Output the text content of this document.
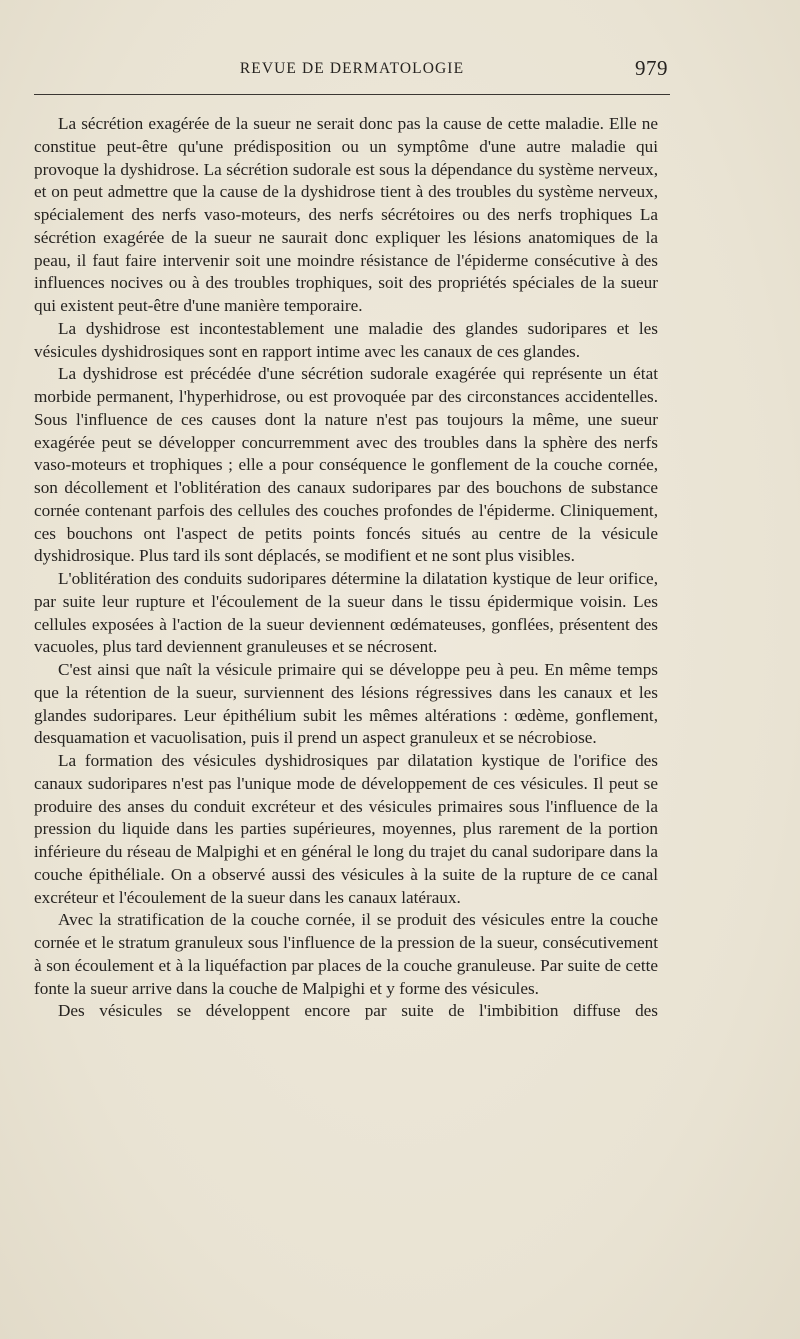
REVUE DE DERMATOLOGIE	979

La sécrétion exagérée de la sueur ne serait donc pas la cause de cette maladie. Elle ne constitue peut-être qu'une prédisposition ou un symptôme d'une autre maladie qui provoque la dyshidrose. La sécrétion sudorale est sous la dépendance du système nerveux, et on peut admettre que la cause de la dyshidrose tient à des troubles du système nerveux, spécialement des nerfs vaso-moteurs, des nerfs sécrétoires ou des nerfs trophiques La sécrétion exagérée de la sueur ne saurait donc expliquer les lésions anatomiques de la peau, il faut faire intervenir soit une moindre résistance de l'épiderme consécutive à des influences nocives ou à des troubles trophiques, soit des propriétés spéciales de la sueur qui existent peut-être d'une manière temporaire.

La dyshidrose est incontestablement une maladie des glandes sudoripares et les vésicules dyshidrosiques sont en rapport intime avec les canaux de ces glandes.

La dyshidrose est précédée d'une sécrétion sudorale exagérée qui représente un état morbide permanent, l'hyperhidrose, ou est provoquée par des circonstances accidentelles. Sous l'influence de ces causes dont la nature n'est pas toujours la même, une sueur exagérée peut se développer concurremment avec des troubles dans la sphère des nerfs vaso-moteurs et trophiques ; elle a pour conséquence le gonflement de la couche cornée, son décollement et l'oblitération des canaux sudoripares par des bouchons de substance cornée contenant parfois des cellules des couches profondes de l'épiderme. Cliniquement, ces bouchons ont l'aspect de petits points foncés situés au centre de la vésicule dyshidrosique. Plus tard ils sont déplacés, se modifient et ne sont plus visibles.

L'oblitération des conduits sudoripares détermine la dilatation kystique de leur orifice, par suite leur rupture et l'écoulement de la sueur dans le tissu épidermique voisin. Les cellules exposées à l'action de la sueur deviennent œdémateuses, gonflées, présentent des vacuoles, plus tard deviennent granuleuses et se nécrosent.

C'est ainsi que naît la vésicule primaire qui se développe peu à peu. En même temps que la rétention de la sueur, surviennent des lésions régressives dans les canaux et les glandes sudoripares. Leur épithélium subit les mêmes altérations : œdème, gonflement, desquamation et vacuolisation, puis il prend un aspect granuleux et se nécrobiose.

La formation des vésicules dyshidrosiques par dilatation kystique de l'orifice des canaux sudoripares n'est pas l'unique mode de développement de ces vésicules. Il peut se produire des anses du conduit excréteur et des vésicules primaires sous l'influence de la pression du liquide dans les parties supérieures, moyennes, plus rarement de la portion inférieure du réseau de Malpighi et en général le long du trajet du canal sudoripare dans la couche épithéliale. On a observé aussi des vésicules à la suite de la rupture de ce canal excréteur et l'écoulement de la sueur dans les canaux latéraux.

Avec la stratification de la couche cornée, il se produit des vésicules entre la couche cornée et le stratum granuleux sous l'influence de la pression de la sueur, consécutivement à son écoulement et à la liquéfaction par places de la couche granuleuse. Par suite de cette fonte la sueur arrive dans la couche de Malpighi et y forme des vésicules.

Des vésicules se développent encore par suite de l'imbibition diffuse des
